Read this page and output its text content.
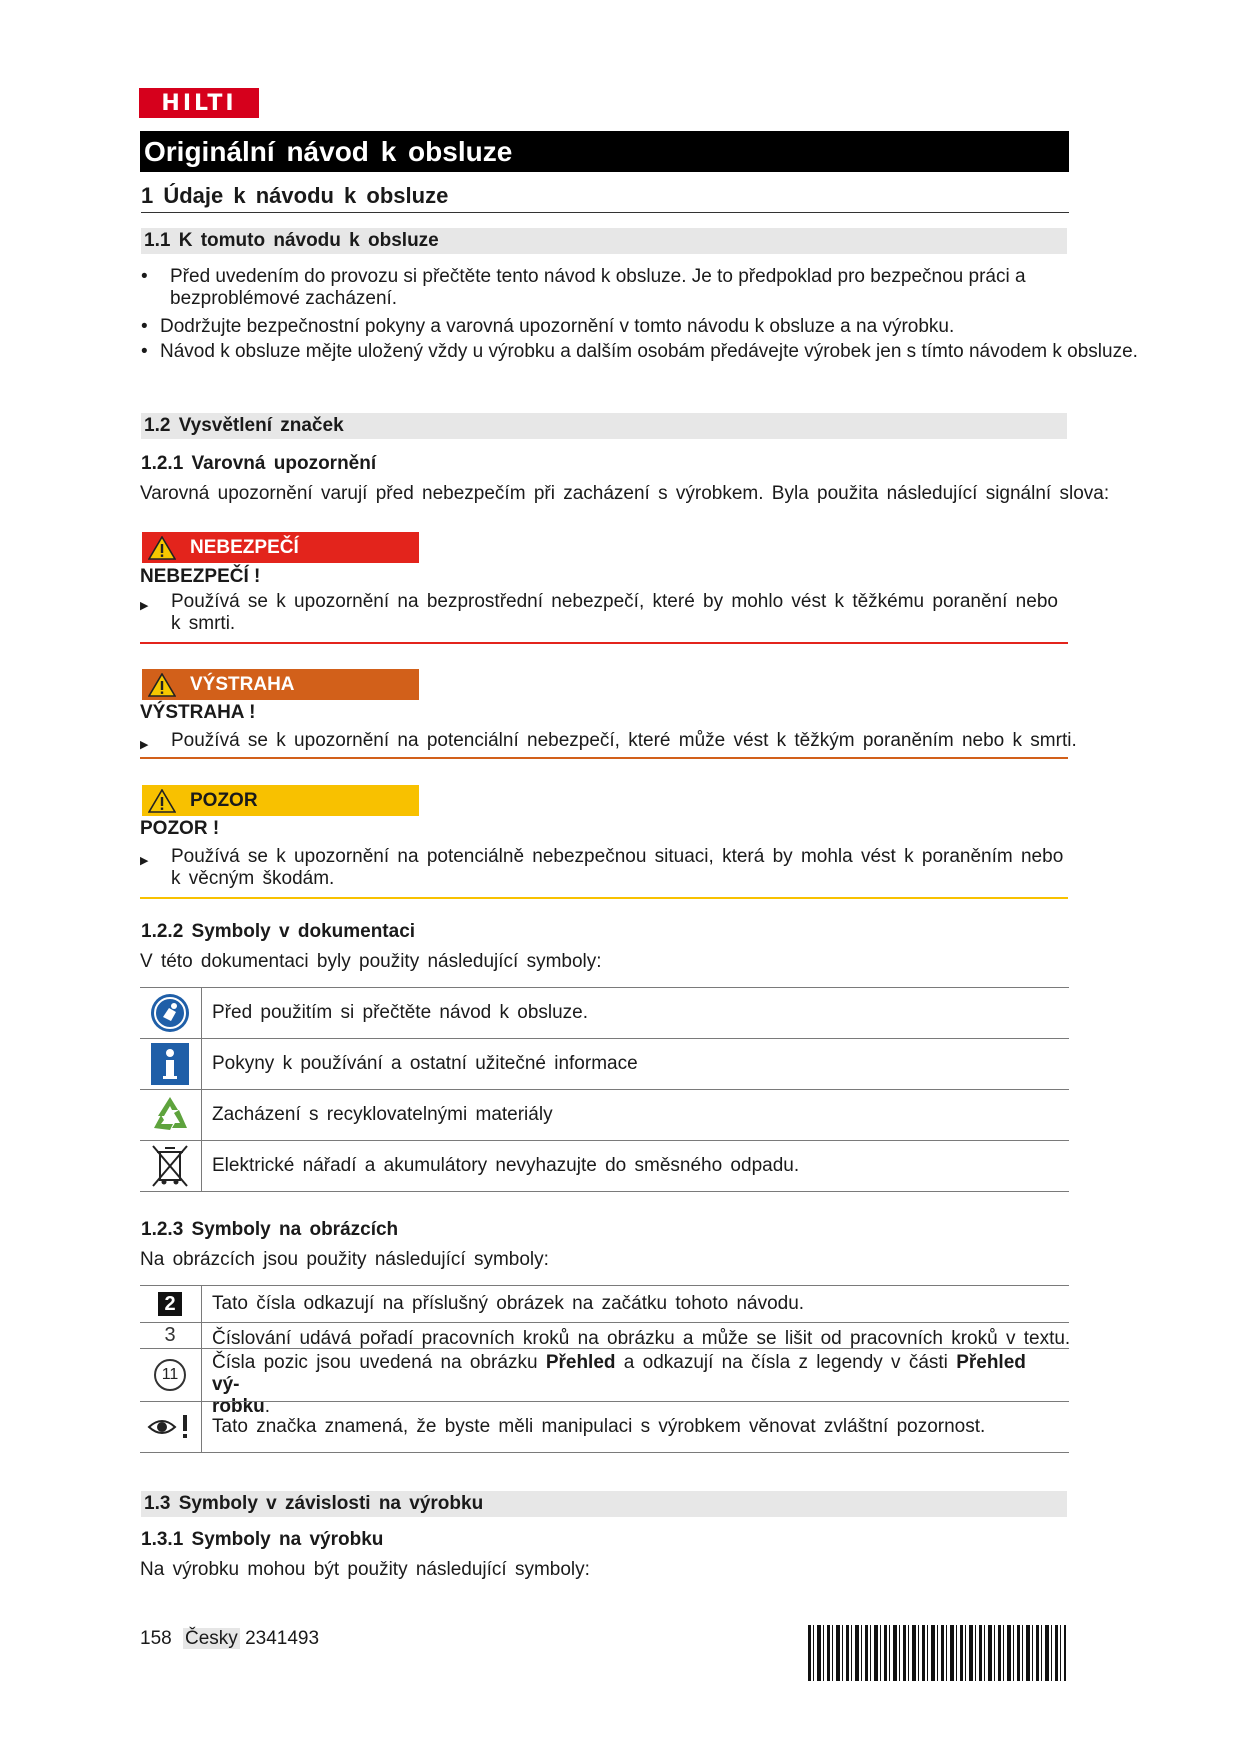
HILTI
Originální návod k obsluze
1 Údaje k návodu k obsluze
1.1 K tomuto návodu k obsluze
• Před uvedením do provozu si přečtěte tento návod k obsluze. Je to předpoklad pro bezpečnou práci a bezproblémové zacházení.
• Dodržujte bezpečnostní pokyny a varovná upozornění v tomto návodu k obsluze a na výrobku.
• Návod k obsluze mějte uložený vždy u výrobku a dalším osobám předávejte výrobek jen s tímto návodem k obsluze.
1.2 Vysvětlení značek
1.2.1 Varovná upozornění
Varovná upozornění varují před nebezpečím při zacházení s výrobkem. Byla použita následující signální slova:
NEBEZPEČÍ
NEBEZPEČÍ !
▶ Používá se k upozornění na bezprostřední nebezpečí, které by mohlo vést k těžkému poranění nebo k smrti.
VÝSTRAHA
VÝSTRAHA !
▶ Používá se k upozornění na potenciální nebezpečí, které může vést k těžkým poraněním nebo k smrti.
POZOR
POZOR !
▶ Používá se k upozornění na potenciálně nebezpečnou situaci, která by mohla vést k poraněním nebo k věcným škodám.
1.2.2 Symboly v dokumentaci
V této dokumentaci byly použity následující symboly:
Před použitím si přečtěte návod k obsluze.
Pokyny k používání a ostatní užitečné informace
Zacházení s recyklovatelnými materiály
Elektrické nářadí a akumulátory nevyhazujte do směsného odpadu.
1.2.3 Symboly na obrázcích
Na obrázcích jsou použity následující symboly:
2	Tato čísla odkazují na příslušný obrázek na začátku tohoto návodu.
3 Číslování udává pořadí pracovních kroků na obrázku a může se lišit od pracovních kroků v textu.
11
Čísla pozic jsou uvedená na obrázku Přehled a odkazují na čísla z legendy v části Přehled vý-
robku.
Tato značka znamená, že byste měli manipulaci s výrobkem věnovat zvláštní pozornost.
1.3 Symboly v závislosti na výrobku
1.3.1 Symboly na výrobku
Na výrobku mohou být použity následující symboly:
158 Česky 2341493
